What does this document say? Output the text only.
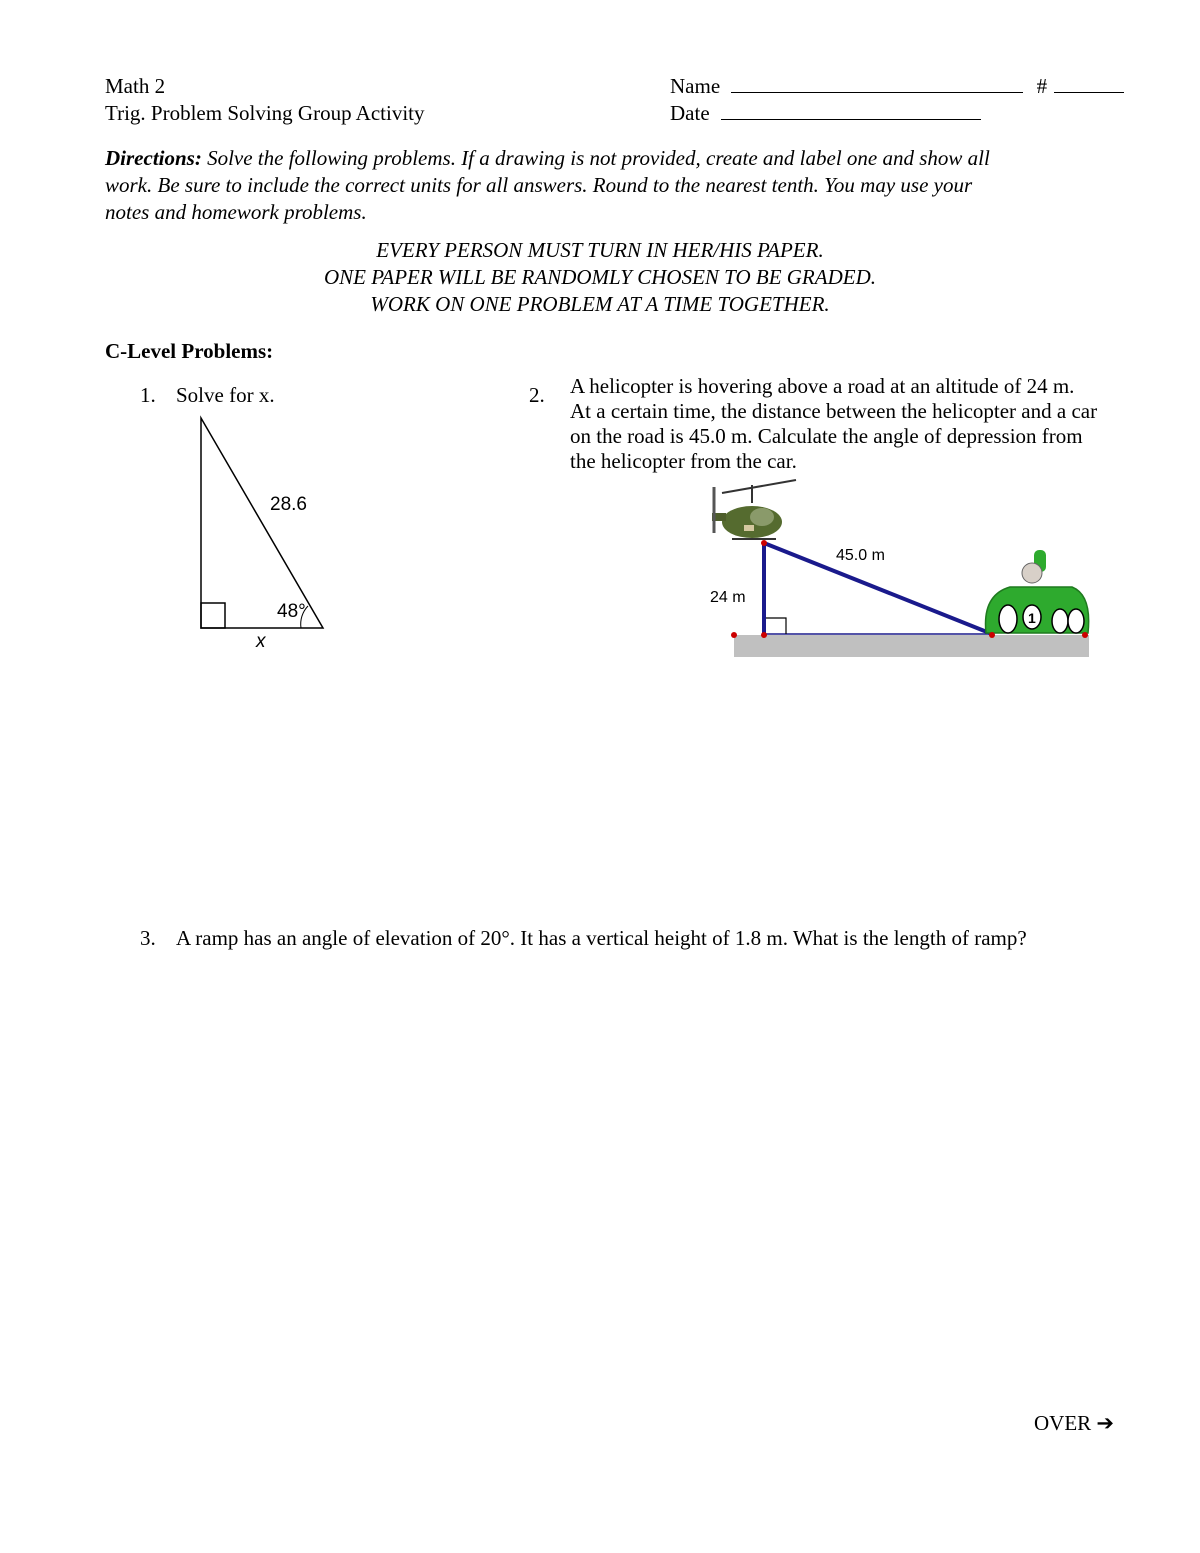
Math 2
Trig. Problem Solving Group Activity
Name	#
Date
Directions: Solve the following problems. If a drawing is not provided, create and label one and show all
work. Be sure to include the correct units for all answers. Round to the nearest tenth. You may use your
notes and homework problems.
EVERY PERSON MUST TURN IN HER/HIS PAPER.
ONE PAPER WILL BE RANDOMLY CHOSEN TO BE GRADED.
WORK ON ONE PROBLEM AT A TIME TOGETHER.
C-Level Problems:
1. Solve for x.
28.6
48°
x
2. A helicopter is hovering above a road at an altitude of 24 m.
At a certain time, the distance between the helicopter and a car
on the road is 45.0 m. Calculate the angle of depression from
the helicopter from the car.
1
45.0 m
24 m
3. A ramp has an angle of elevation of 20°. It has a vertical height of 1.8 m. What is the length of ramp?
OVER ➔
